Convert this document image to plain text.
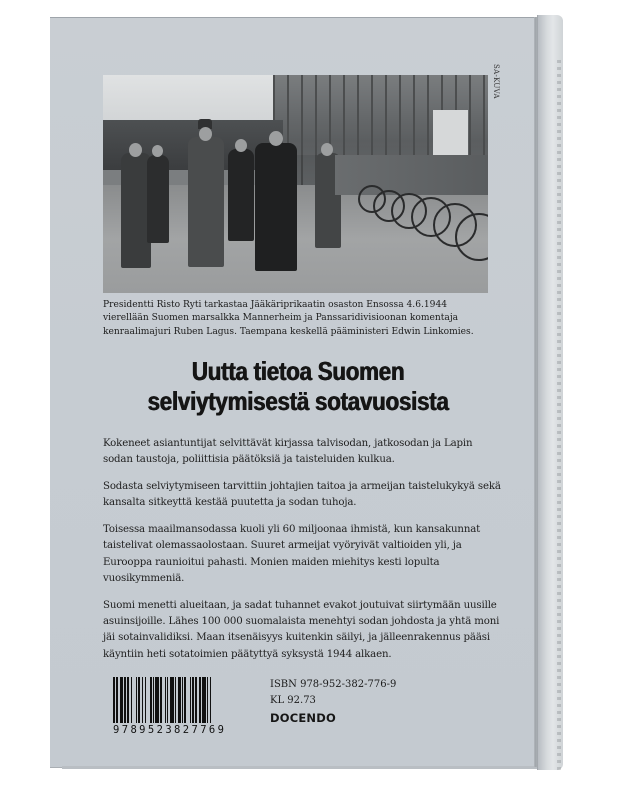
SA-KUVA
Presidentti Risto Ryti tarkastaa Jääkäriprikaatin osaston Ensossa 4.6.1944 vierellään Suomen marsalkka Mannerheim ja Panssaridivisioonan komentaja kenraalimajuri Ruben Lagus. Taempana keskellä pääministeri Edwin Linkomies.
Uutta tietoa Suomen
selviytymisestä sotavuosista

Kokeneet asiantuntijat selvittävät kirjassa talvisodan, jatkosodan ja Lapin sodan taustoja, poliittisia päätöksiä ja taisteluiden kulkua.

Sodasta selviytymiseen tarvittiin johtajien taitoa ja armeijan taistelukykyä sekä kansalta sitkeyttä kestää puutetta ja sodan tuhoja.

Toisessa maailmansodassa kuoli yli 60 miljoonaa ihmistä, kun kansakunnat taistelivat olemassaolostaan. Suuret armeijat vyöryivät valtioiden yli, ja Eurooppa raunioitui pahasti. Monien maiden miehitys kesti lopulta vuosikymmeniä.

Suomi menetti alueitaan, ja sadat tuhannet evakot joutuivat siirtymään uusille asuinsijoille. Lähes 100 000 suomalaista menehtyi sodan johdosta ja yhtä moni jäi sotainvalidiksi. Maan itsenäisyys kuitenkin säilyi, ja jälleenrakennus pääsi käyntiin heti sotatoimien päätyttyä syksystä 1944 alkaen.

9789523827769
ISBN 978-952-382-776-9
KL 92.73
DOCENDO
